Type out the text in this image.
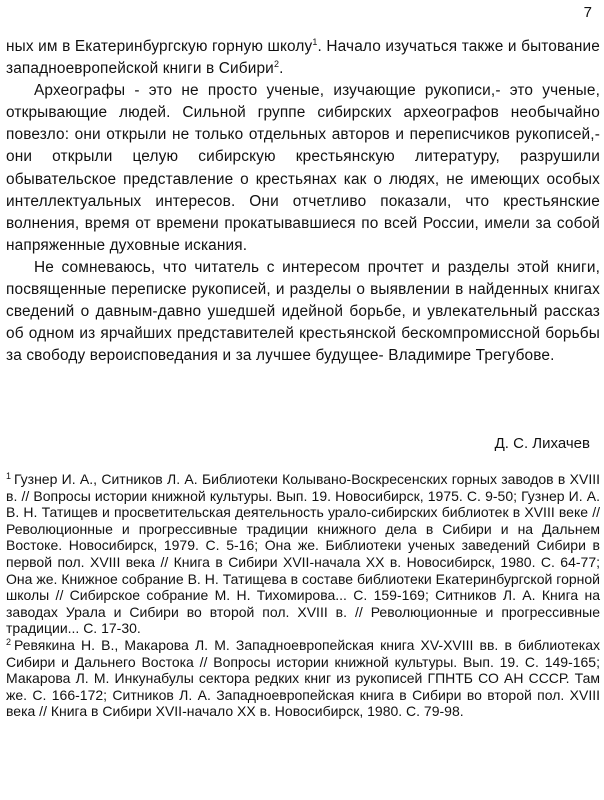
7

ных им в Екатеринбургскую горную школу$^1$. Начало изучаться также и бытование западноевропейской книги в Сибири$^2$.

Археографы - это не просто ученые, изучающие рукописи,- это ученые, открывающие людей. Сильной группе сибирских археографов необычайно повезло: они открыли не только отдельных авторов и переписчиков рукописей,- они открыли целую сибирскую крестьянскую литературу, разрушили обывательское представление о крестьянах как о людях, не имеющих особых интеллектуальных интересов. Они отчетливо показали, что крестьянские волнения, время от времени прокатывавшиеся по всей России, имели за собой напряженные духовные искания.

Не сомневаюсь, что читатель с интересом прочтет и разделы этой книги, посвященные переписке рукописей, и разделы о выявлении в найденных книгах сведений о давным-давно ушедшей идейной борьбе, и увлекательный рассказ об одном из ярчайших представителей крестьянской бескомпромиссной борьбы за свободу вероисповедания и за лучшее будущее- Владимире Трегубове.

Д. С. Лихачев

$^1$ Гузнер И. А., Ситников Л. А. Библиотеки Колывано-Воскресенских горных заводов в XVIII в. // Вопросы истории книжной культуры. Вып. 19. Новосибирск, 1975. С. 9-50; Гузнер И. А. В. Н. Татищев и просветительская деятельность урало-сибирских библиотек в XVIII веке // Революционные и прогрессивные традиции книжного дела в Сибири и на Дальнем Востоке. Новосибирск, 1979. С. 5-16; Она же. Библиотеки ученых заведений Сибири в первой пол. XVIII века // Книга в Сибири XVII-начала XX в. Новосибирск, 1980. С. 64-77; Она же. Книжное собрание В. Н. Татищева в составе библиотеки Екатеринбургской горной школы // Сибирское собрание М. Н. Тихомирова... С. 159-169; Ситников Л. А. Книга на заводах Урала и Сибири во второй пол. XVIII в. // Революционные и прогрессивные традиции... С. 17-30.

$^2$ Ревякина Н. В., Макарова Л. М. Западноевропейская книга XV-XVIII вв. в библиотеках Сибири и Дальнего Востока // Вопросы истории книжной культуры. Вып. 19. С. 149-165; Макарова Л. М. Инкунабулы сектора редких книг из рукописей ГПНТБ СО АН СССР. Там же. С. 166-172; Ситников Л. А. Западноевропейская книга в Сибири во второй пол. XVIII века // Книга в Сибири XVII-начало XX в. Новосибирск, 1980. С. 79-98.
